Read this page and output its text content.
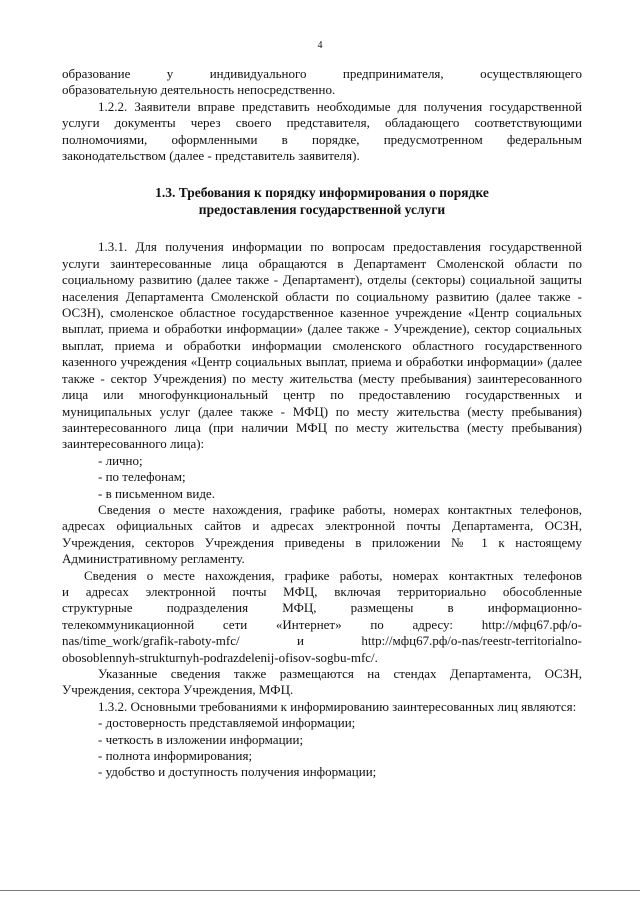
4

образование у индивидуального предпринимателя, осуществляющего

образовательную деятельность непосредственно.

1.2.2. Заявители вправе представить необходимые для получения государственной услуги документы через своего представителя, обладающего соответствующими полномочиями, оформленными в порядке, предусмотренном федеральным законодательством (далее - представитель заявителя).

1.3. Требования к порядку информирования о порядке
предоставления государственной услуги

1.3.1. Для получения информации по вопросам предоставления государственной услуги заинтересованные лица обращаются в Департамент Смоленской области по социальному развитию (далее также - Департамент), отделы (секторы) социальной защиты населения Департамента Смоленской области по социальному развитию (далее также - ОСЗН), смоленское областное государственное казенное учреждение «Центр социальных выплат, приема и обработки информации» (далее также - Учреждение), сектор социальных выплат, приема и обработки информации смоленского областного государственного казенного учреждения «Центр социальных выплат, приема и обработки информации» (далее также - сектор Учреждения) по месту жительства (месту пребывания) заинтересованного лица или многофункциональный центр по предоставлению государственных и муниципальных услуг (далее также - МФЦ) по месту жительства (месту пребывания) заинтересованного лица (при наличии МФЦ по месту жительства (месту пребывания) заинтересованного лица):

- лично;

- по телефонам;

- в письменном виде.

Сведения о месте нахождения, графике работы, номерах контактных телефонов, адресах официальных сайтов и адресах электронной почты Департамента, ОСЗН, Учреждения, секторов Учреждения приведены в приложении № 1 к настоящему Административному регламенту.

Сведения о месте нахождения, графике работы, номерах контактных телефонов

и адресах электронной почты МФЦ, включая территориально обособленные

структурные подразделения МФЦ, размещены в информационно-

телекоммуникационной сети «Интернет» по адресу: http://мфц67.рф/о-

nas/time_work/grafik-raboty-mfc/ и http://мфц67.рф/о-nas/reestr-territorialno-

obosoblennyh-strukturnyh-podrazdelenij-ofisov-sogbu-mfc/.

Указанные сведения также размещаются на стендах Департамента, ОСЗН, Учреждения, сектора Учреждения, МФЦ.

1.3.2. Основными требованиями к информированию заинтересованных лиц являются:

- достоверность представляемой информации;

- четкость в изложении информации;

- полнота информирования;

- удобство и доступность получения информации;
